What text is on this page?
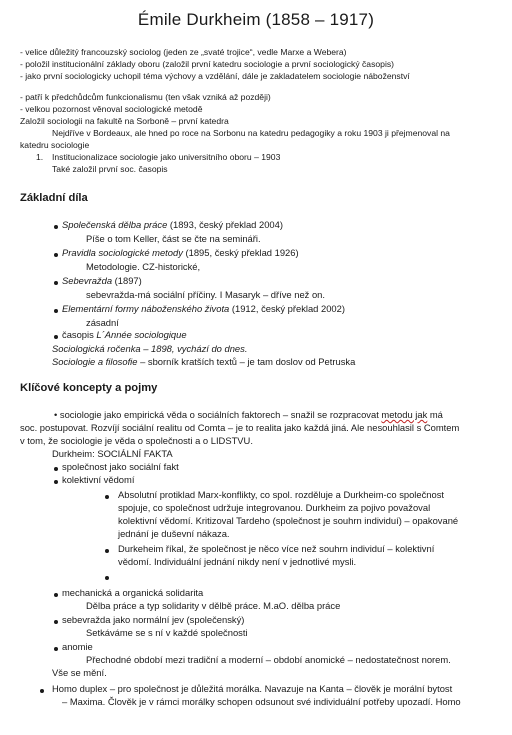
Émile Durkheim (1858 – 1917)
- velice důležitý francouzský sociolog (jeden ze „svaté trojice“, vedle Marxe a Webera)
- položil institucionální základy oboru (založil první katedru sociologie a první sociologický časopis)
- jako první sociologicky uchopil téma výchovy a vzdělání, dále je zakladatelem sociologie náboženství
- patří k předchůdcům funkcionalismu (ten však vzniká až později)
- velkou pozornost věnoval sociologické metodě
Založil sociologii na fakultě na Sorboně – první katedra
Nejdříve v Bordeaux, ale hned po roce na Sorbonu na katedru pedagogiky a roku 1903 ji přejmenoval na
katedru sociologie
1. Institucionalizace sociologie jako universitního oboru – 1903
Také založil první soc. časopis
Základní díla
Společenská dělba práce (1893, český překlad 2004)
Píše o tom Keller, část se čte na semináři.
Pravidla sociologické metody (1895, český překlad 1926)
Metodologie. CZ-historické,
Sebevražda (1897)
sebevražda-má sociální příčiny. I Masaryk – dříve než on.
Elementární formy náboženského života (1912, český překlad 2002)
zásadní
časopis L´Année sociologique
Sociologická ročenka – 1898, vychází do dnes.
Sociologie a filosofie – sborník kratších textů – je tam doslov od Petruska
Klíčové koncepty a pojmy
• sociologie jako empirická věda o sociálních faktorech – snažil se rozpracovat metodu jak má
soc. postupovat. Rozvíjí sociální realitu od Comta – je to realita jako každá jiná. Ale nesouhlasil s Comtem
v tom, že sociologie je věda o společnosti a o LIDSTVU.
Durkheim: SOCIÁLNÍ FAKTA
společnost jako sociální fakt
kolektivní vědomí
Absolutní protiklad Marx-konflikty, co spol. rozděluje a Durkheim-co společnost
spojuje, co společnost udržuje integrovanou. Durkheim za pojivo považoval
kolektivní vědomí. Kritizoval Tardeho (společnost je souhrn individuí) – opakované
jednání je duševní nákaza.
Durkeheim říkal, že společnost je něco více než souhrn individuí – kolektivní
vědomí. Individuální jednání nikdy není v jednotlivé mysli.
mechanická a organická solidarita
Dělba práce a typ solidarity v dělbě práce. M.aO. dělba práce
sebevražda jako normální jev (společenský)
Setkáváme se s ní v každé společnosti
anomie
Přechodné období mezi tradiční a moderní – období anomické – nedostatečnost norem.
Vše se mění.
Homo duplex – pro společnost je důležitá morálka. Navazuje na Kanta – člověk je morální bytost
– Maxima. Člověk je v rámci morálky schopen odsunout své individuální potřeby upozadí. Homo
